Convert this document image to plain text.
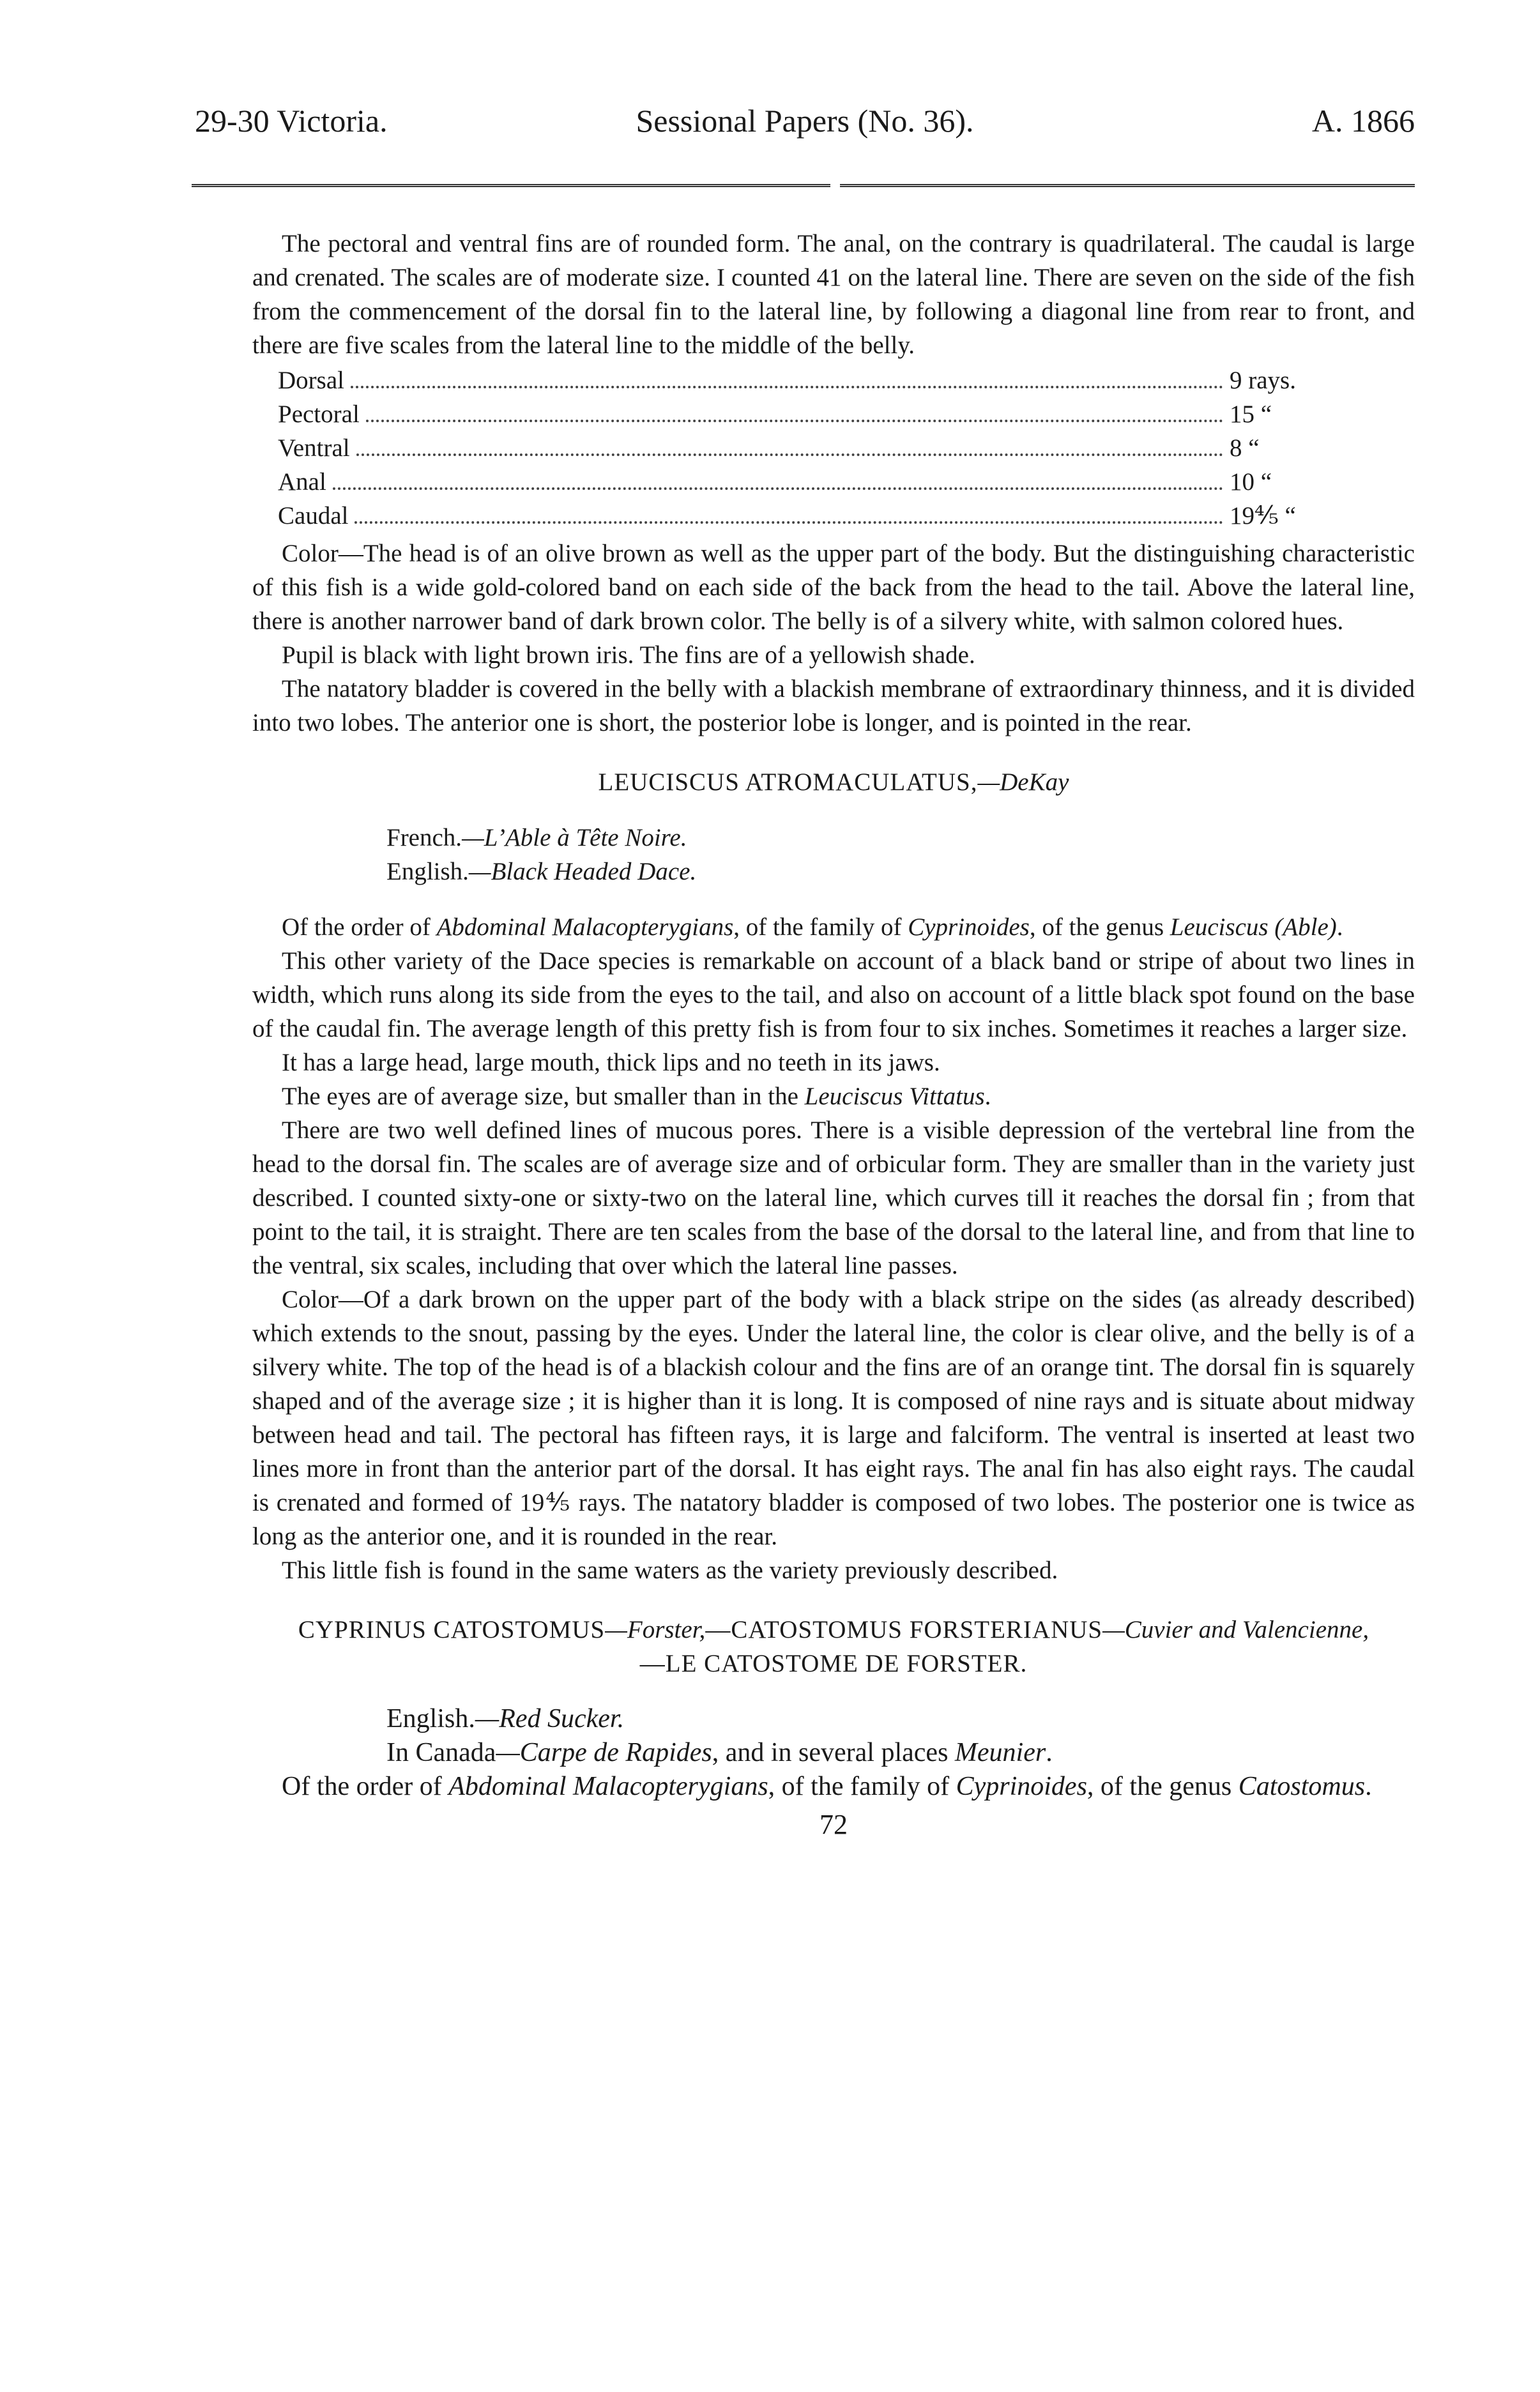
29-30 Victoria.	Sessional Papers (No. 36).	A. 1866

The pectoral and ventral fins are of rounded form. The anal, on the contrary is quadrilateral. The caudal is large and crenated. The scales are of moderate size. I counted 41 on the lateral line. There are seven on the side of the fish from the commencement of the dorsal fin to the lateral line, by following a diagonal line from rear to front, and there are five scales from the lateral line to the middle of the belly.

Dorsal	9 rays.
Pectoral	15 “
Ventral	8 “
Anal	10 “
Caudal	19⅘ “

Color—The head is of an olive brown as well as the upper part of the body. But the distinguishing characteristic of this fish is a wide gold-colored band on each side of the back from the head to the tail. Above the lateral line, there is another narrower band of dark brown color. The belly is of a silvery white, with salmon colored hues.

Pupil is black with light brown iris. The fins are of a yellowish shade.

The natatory bladder is covered in the belly with a blackish membrane of extraordinary thinness, and it is divided into two lobes. The anterior one is short, the posterior lobe is longer, and is pointed in the rear.

LEUCISCUS ATROMACULATUS,—DeKay

French.—L’Able à Tête Noire.

English.—Black Headed Dace.

Of the order of Abdominal Malacopterygians, of the family of Cyprinoides, of the genus Leuciscus (Able).

This other variety of the Dace species is remarkable on account of a black band or stripe of about two lines in width, which runs along its side from the eyes to the tail, and also on account of a little black spot found on the base of the caudal fin. The average length of this pretty fish is from four to six inches. Sometimes it reaches a larger size.

It has a large head, large mouth, thick lips and no teeth in its jaws.

The eyes are of average size, but smaller than in the Leuciscus Vittatus.

There are two well defined lines of mucous pores. There is a visible depression of the vertebral line from the head to the dorsal fin. The scales are of average size and of orbicular form. They are smaller than in the variety just described. I counted sixty-one or sixty-two on the lateral line, which curves till it reaches the dorsal fin ; from that point to the tail, it is straight. There are ten scales from the base of the dorsal to the lateral line, and from that line to the ventral, six scales, including that over which the lateral line passes.

Color—Of a dark brown on the upper part of the body with a black stripe on the sides (as already described) which extends to the snout, passing by the eyes. Under the lateral line, the color is clear olive, and the belly is of a silvery white. The top of the head is of a blackish colour and the fins are of an orange tint. The dorsal fin is squarely shaped and of the average size ; it is higher than it is long. It is composed of nine rays and is situate about midway between head and tail. The pectoral has fifteen rays, it is large and falciform. The ventral is inserted at least two lines more in front than the anterior part of the dorsal. It has eight rays. The anal fin has also eight rays. The caudal is crenated and formed of 19⅘ rays. The natatory bladder is composed of two lobes. The posterior one is twice as long as the anterior one, and it is rounded in the rear.

This little fish is found in the same waters as the variety previously described.

CYPRINUS CATOSTOMUS—Forster,—CATOSTOMUS FORSTERIANUS—Cuvier and Valencienne,

—LE CATOSTOME DE FORSTER.

English.—Red Sucker.

In Canada—Carpe de Rapides, and in several places Meunier.

Of the order of Abdominal Malacopterygians, of the family of Cyprinoides, of the genus Catostomus.

72
